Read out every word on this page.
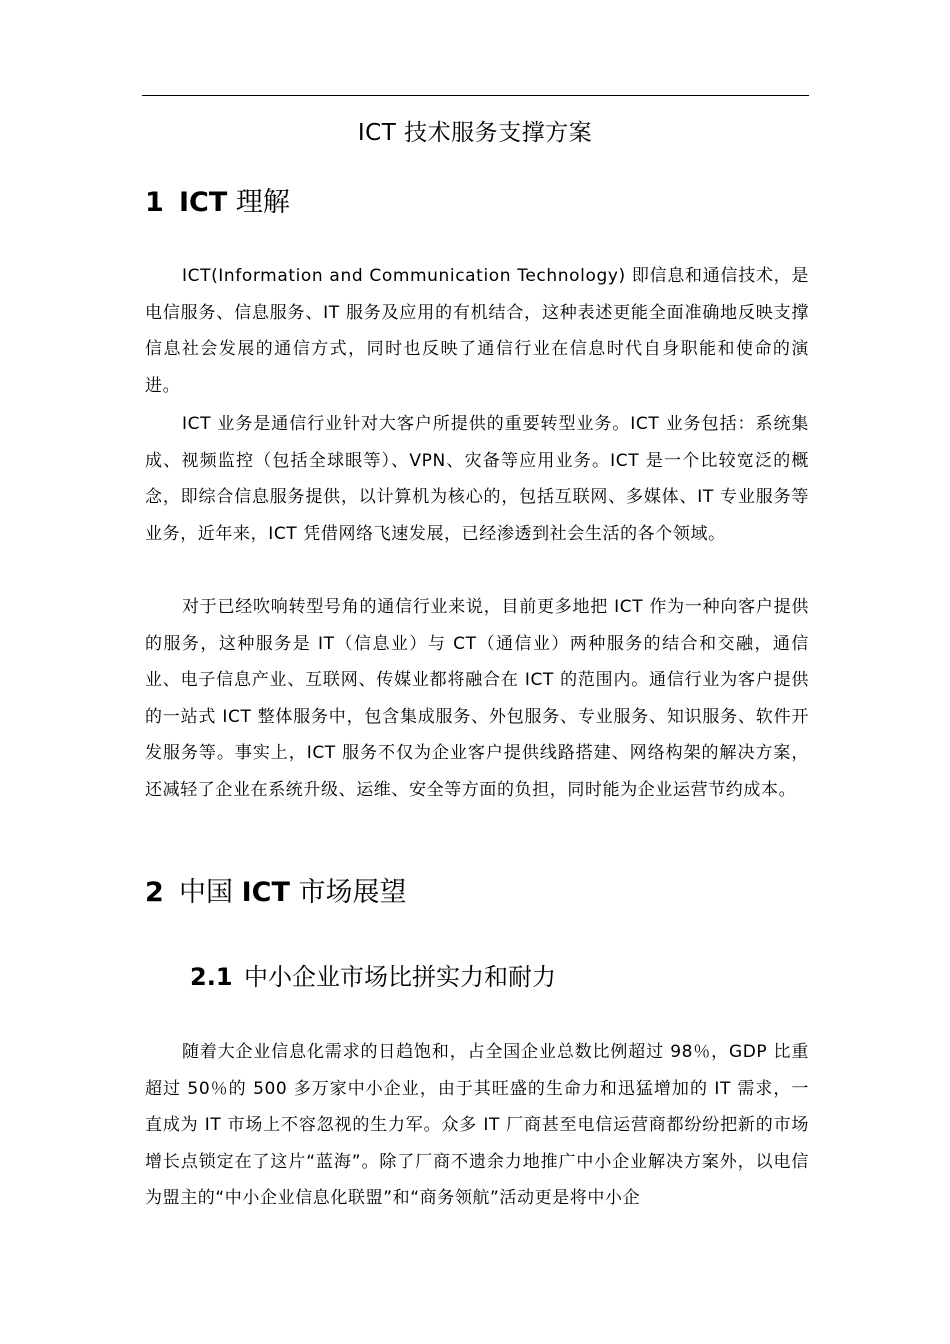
ICT 技术服务支撑方案
1 ICT 理解

ICT(Information and Communication Technology) 即信息和通信技术，是电信服务、信息服务、IT 服务及应用的有机结合，这种表述更能全面准确地反映支撑信息社会发展的通信方式，同时也反映了通信行业在信息时代自身职能和使命的演进。

ICT 业务是通信行业针对大客户所提供的重要转型业务。ICT 业务包括：系统集成、视频监控（包括全球眼等）、VPN、灾备等应用业务。ICT 是一个比较宽泛的概念，即综合信息服务提供，以计算机为核心的，包括互联网、多媒体、IT 专业服务等业务，近年来，ICT 凭借网络飞速发展，已经渗透到社会生活的各个领域。

对于已经吹响转型号角的通信行业来说，目前更多地把 ICT 作为一种向客户提供的服务，这种服务是 IT（信息业）与 CT（通信业）两种服务的结合和交融，通信业、电子信息产业、互联网、传媒业都将融合在 ICT 的范围内。通信行业为客户提供的一站式 ICT 整体服务中，包含集成服务、外包服务、专业服务、知识服务、软件开发服务等。事实上，ICT 服务不仅为企业客户提供线路搭建、网络构架的解决方案，还减轻了企业在系统升级、运维、安全等方面的负担，同时能为企业运营节约成本。

2 中国 ICT 市场展望
2.1 中小企业市场比拼实力和耐力

随着大企业信息化需求的日趋饱和，占全国企业总数比例超过 98％，GDP 比重超过 50％的 500 多万家中小企业，由于其旺盛的生命力和迅猛增加的 IT 需求，一直成为 IT 市场上不容忽视的生力军。众多 IT 厂商甚至电信运营商都纷纷把新的市场增长点锁定在了这片“蓝海”。除了厂商不遗余力地推广中小企业解决方案外，以电信为盟主的“中小企业信息化联盟”和“商务领航”活动更是将中小企
